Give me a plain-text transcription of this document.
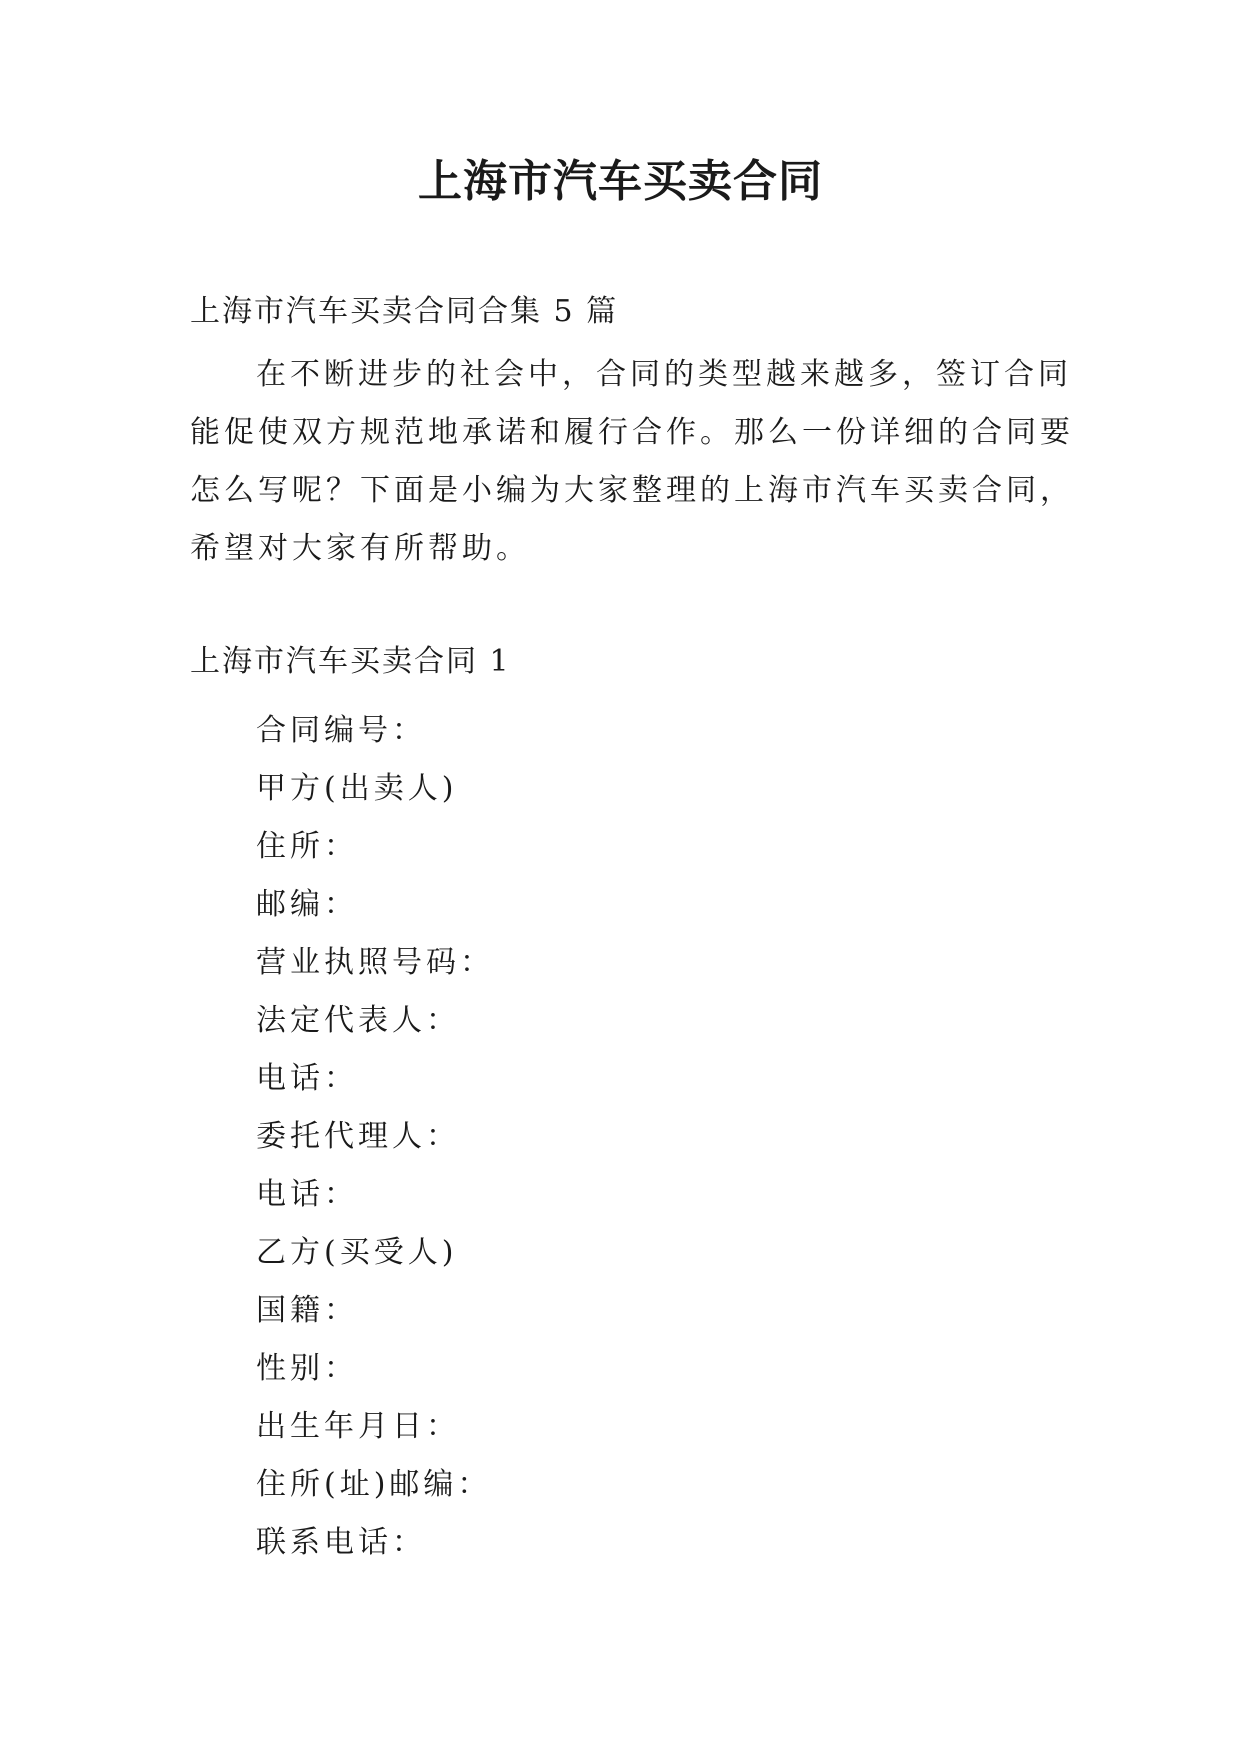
上海市汽车买卖合同
上海市汽车买卖合同合集 5 篇
在不断进步的社会中，合同的类型越来越多，签订合同
能促使双方规范地承诺和履行合作。那么一份详细的合同要
怎么写呢？下面是小编为大家整理的上海市汽车买卖合同，
希望对大家有所帮助。
上海市汽车买卖合同 1
合同编号：
甲方(出卖人)
住所：
邮编：
营业执照号码：
法定代表人：
电话：
委托代理人：
电话：
乙方(买受人)
国籍：
性别：
出生年月日：
住所(址)邮编：
联系电话：
